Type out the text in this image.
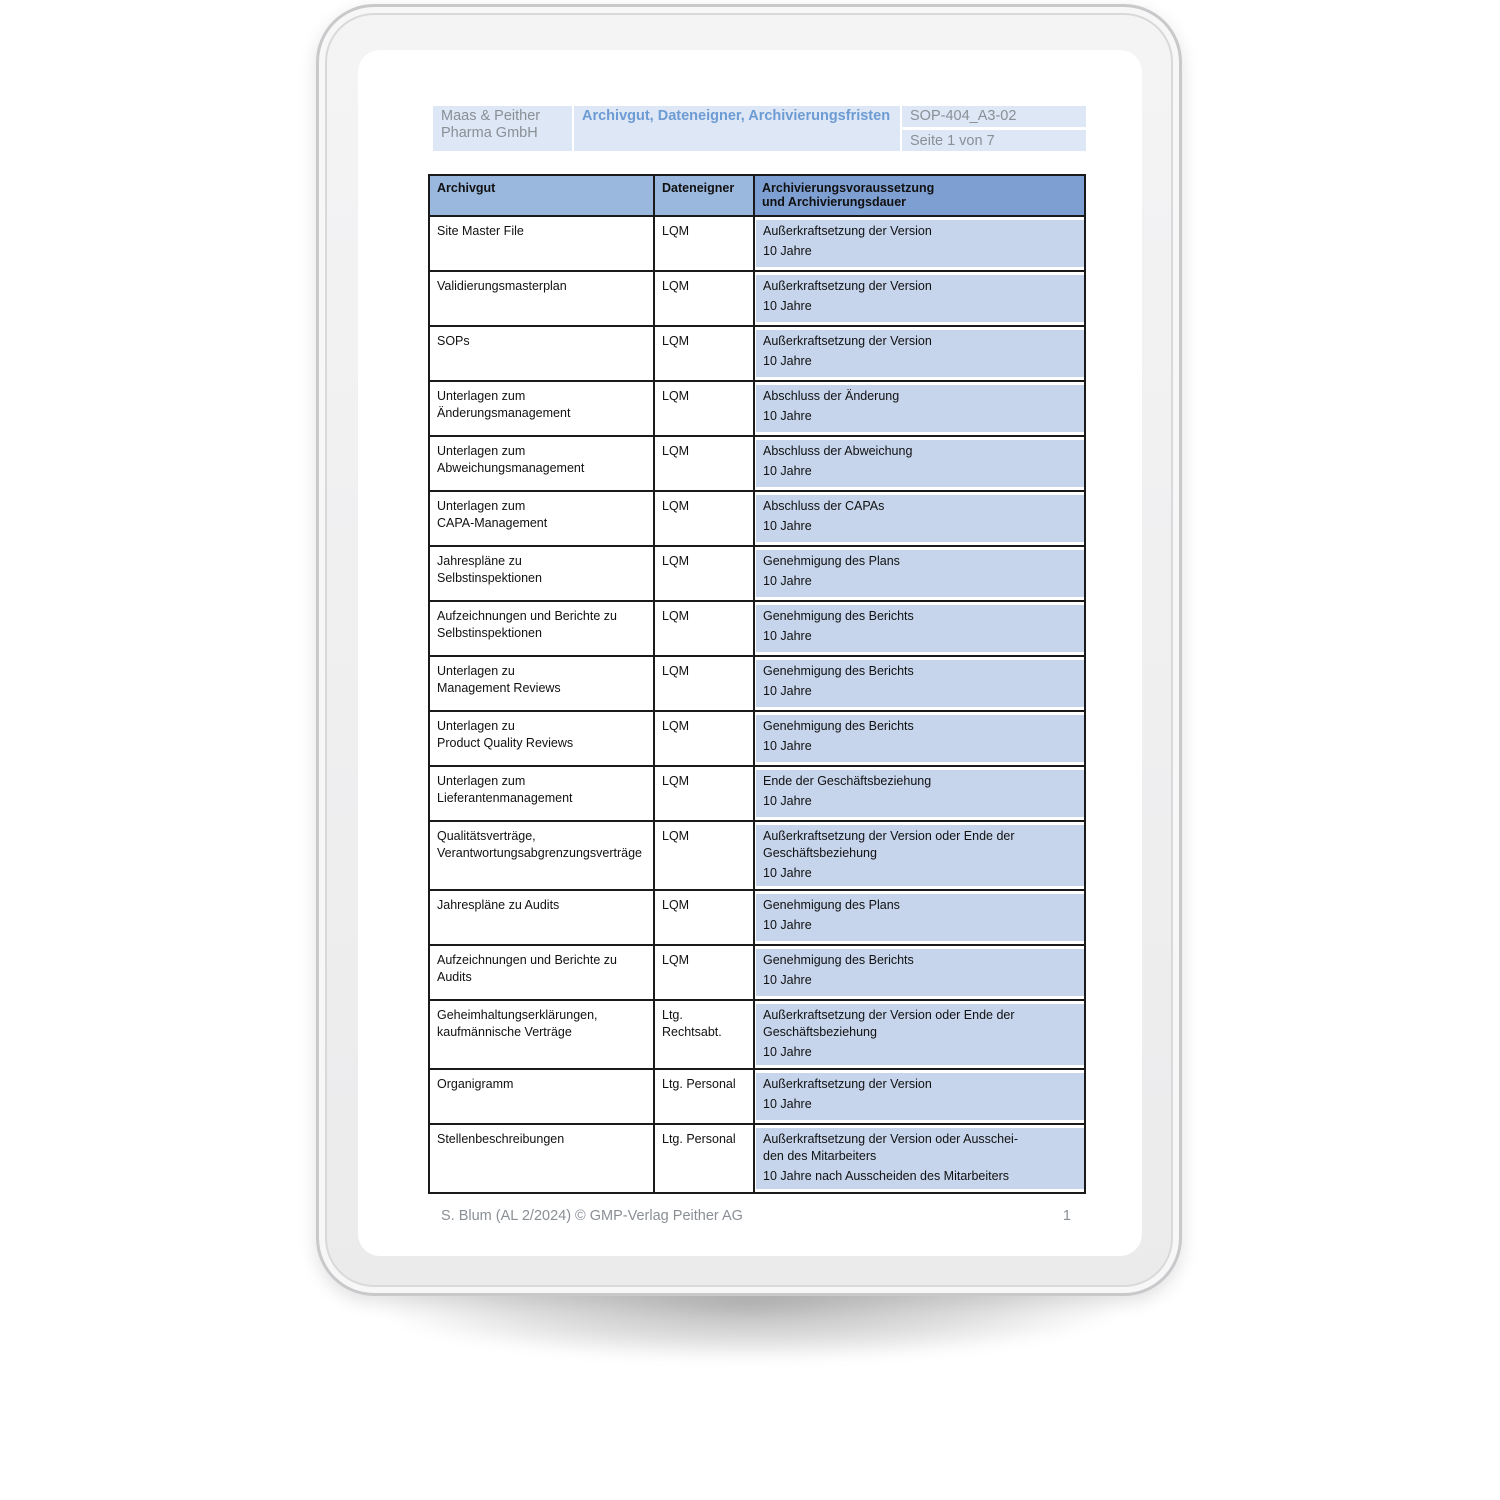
Maas & Peither Pharma GmbH
Archivgut, Dateneigner, Archivierungsfristen	SOP-404_A3-02
Seite 1 von 7
Archivgut	Dateneigner	Archivierungsvoraussetzung
und Archivierungsdauer

Site Master File	LQM	Außerkraftsetzung der Version
10 Jahre

Validierungsmasterplan	LQM	Außerkraftsetzung der Version
10 Jahre

SOPs	LQM	Außerkraftsetzung der Version
10 Jahre

Unterlagen zum
Änderungsmanagement	LQM	Abschluss der Änderung
10 Jahre

Unterlagen zum
Abweichungsmanagement	LQM	Abschluss der Abweichung
10 Jahre

Unterlagen zum
CAPA-Management	LQM	Abschluss der CAPAs
10 Jahre

Jahrespläne zu
Selbstinspektionen	LQM	Genehmigung des Plans
10 Jahre

Aufzeichnungen und Berichte zu
Selbstinspektionen	LQM	Genehmigung des Berichts
10 Jahre

Unterlagen zu
Management Reviews	LQM	Genehmigung des Berichts
10 Jahre

Unterlagen zu
Product Quality Reviews	LQM	Genehmigung des Berichts
10 Jahre

Unterlagen zum
Lieferantenmanagement	LQM	Ende der Geschäftsbeziehung
10 Jahre

Qualitätsverträge,
Verantwortungsabgrenzungsverträge	LQM	Außerkraftsetzung der Version oder Ende der
Geschäftsbeziehung
10 Jahre

Jahrespläne zu Audits	LQM	Genehmigung des Plans
10 Jahre

Aufzeichnungen und Berichte zu
Audits	LQM	Genehmigung des Berichts
10 Jahre

Geheimhaltungserklärungen,
kaufmännische Verträge	Ltg. Rechtsabt.	Außerkraftsetzung der Version oder Ende der
Geschäftsbeziehung
10 Jahre

Organigramm	Ltg. Personal	Außerkraftsetzung der Version
10 Jahre

Stellenbeschreibungen	Ltg. Personal	Außerkraftsetzung der Version oder Ausschei-
den des Mitarbeiters
10 Jahre nach Ausscheiden des Mitarbeiters
S. Blum (AL 2/2024) © GMP-Verlag Peither AG	1
